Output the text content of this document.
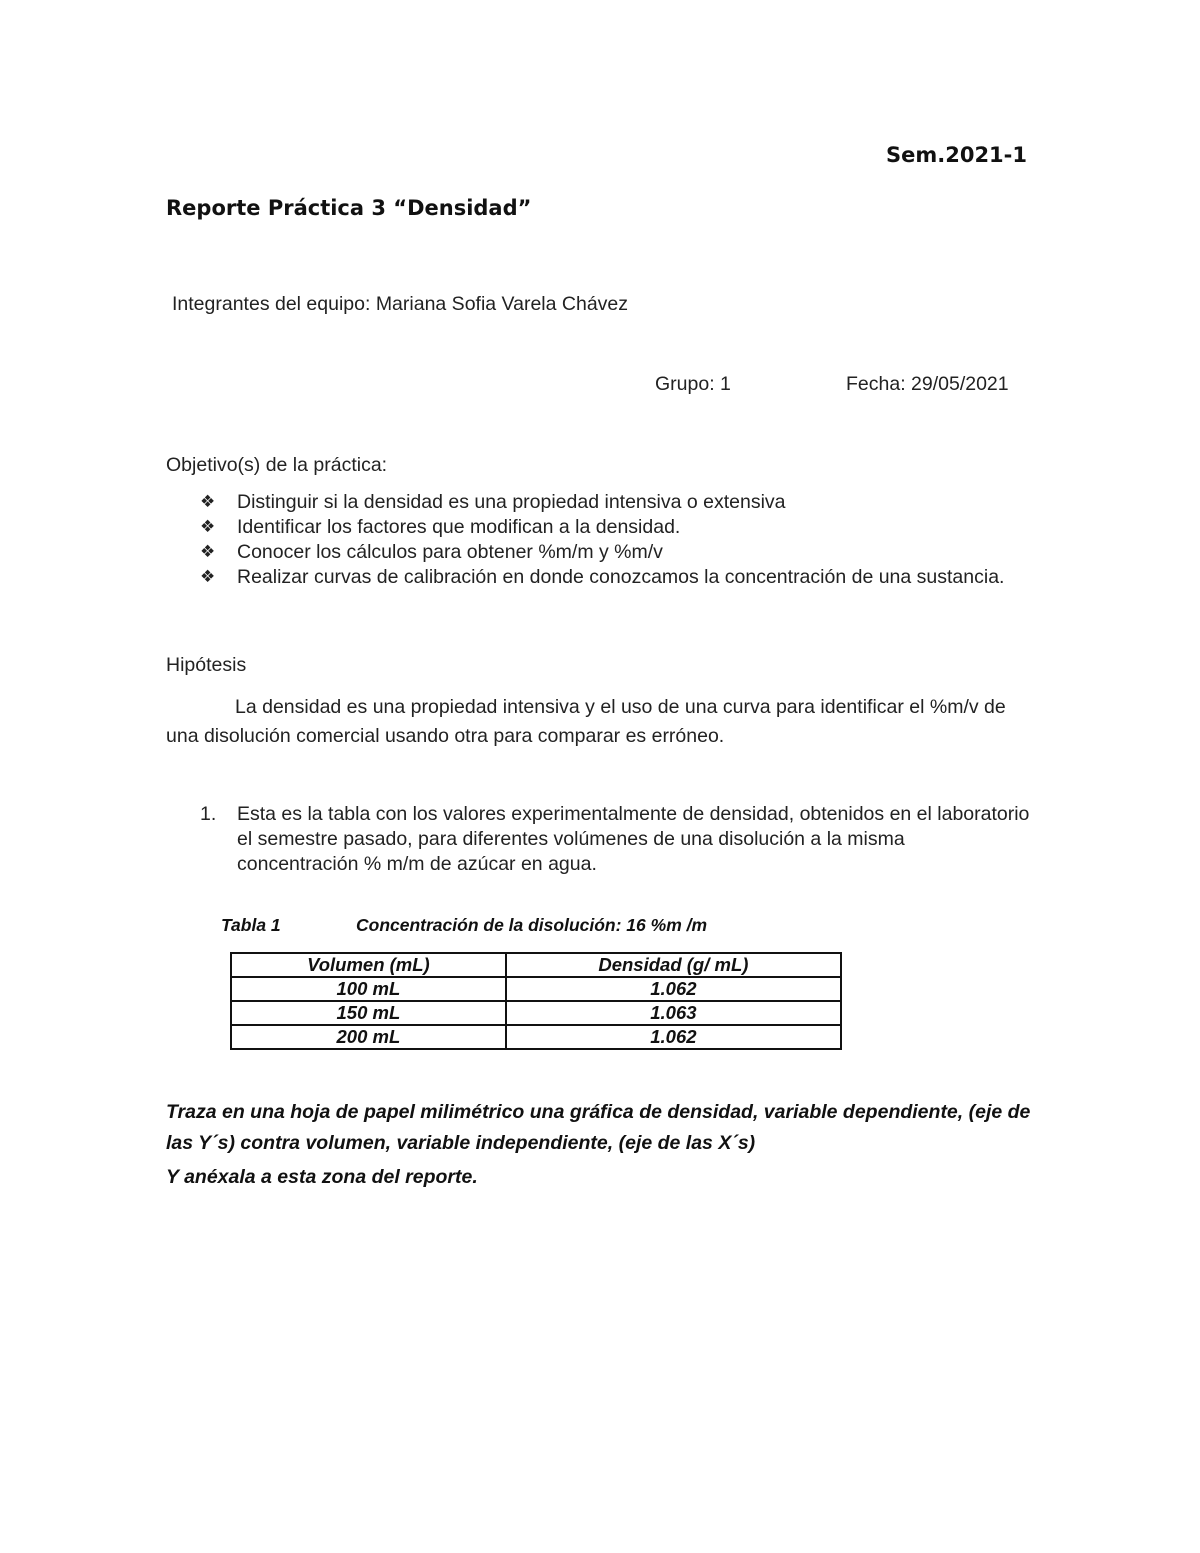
Sem.2021-1
Reporte Práctica 3 “Densidad”
Integrantes del equipo: Mariana Sofia Varela Chávez
Grupo: 1	Fecha: 29/05/2021
Objetivo(s) de la práctica:
❖ Distinguir si la densidad es una propiedad intensiva o extensiva
❖ Identificar los factores que modifican a la densidad.
❖ Conocer los cálculos para obtener %m/m y %m/v
❖ Realizar curvas de calibración en donde conozcamos la concentración de una sustancia.
Hipótesis
La densidad es una propiedad intensiva y el uso de una curva para identificar el %m/v de una disolución comercial usando otra para comparar es erróneo.
1.	Esta es la tabla con los valores experimentalmente de densidad, obtenidos en el laboratorio el semestre pasado, para diferentes volúmenes de una disolución a la misma concentración % m/m de azúcar en agua.
Tabla 1	Concentración de la disolución: 16 %m /m
Volumen (mL)	Densidad (g/ mL)
100 mL	1.062
150 mL	1.063
200 mL	1.062
Traza en una hoja de papel milimétrico una gráfica de densidad, variable dependiente, (eje de las Y´s) contra volumen, variable independiente, (eje de las X´s)
Y anéxala a esta zona del reporte.
